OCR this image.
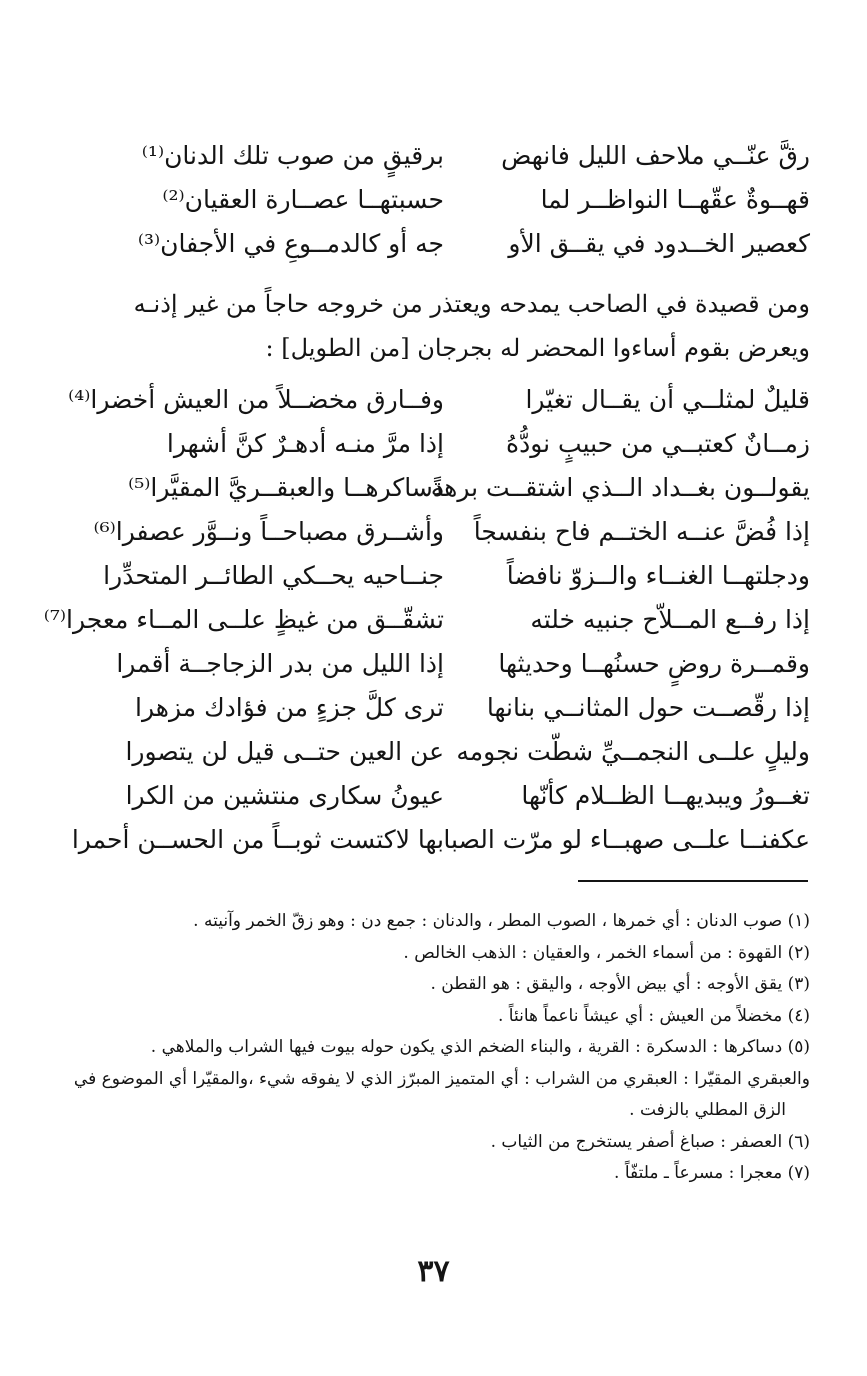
رقَّ عنّــي ملاحف الليل فانهض
برقيقٍ من صوب تلك الدنان⁽¹⁾
قهــوةٌ عقّهــا النواظــر لما
حسبتهــا عصــارة العقيان⁽²⁾
كعصير الخــدود في يقــق الأو
جه أو كالدمــوعِ في الأجفان⁽³⁾
ومن قصيدة في الصاحب يمدحه ويعتذر من خروجه حاجاً من غير إذنـه
ويعرض بقوم أساءوا المحضر له بجرجان [من الطويل] :
قليلٌ لمثلــي أن يقــال تغيّرا
وفــارق مخضــلاً من العيش أخضرا⁽⁴⁾
زمــانٌ كعتبــي من حبيبٍ نودُّهُ
إذا مرَّ منـه أدهـرٌ كنَّ أشهرا
يقولــون بغــداد الــذي اشتقــت برهةً
دساكرهــا والعبقــريَّ المقيَّرا⁽⁵⁾
إذا فُضَّ عنــه الختــم فاح بنفسجاً
وأشــرق مصباحــاً ونــوَّر عصفرا⁽⁶⁾
ودجلتهــا الغنــاء والــزوّ نافضاً
جنــاحيه يحــكي الطائــر المتحدِّرا
إذا رفــع المــلاّح جنبيه خلته
تشقّــق من غيظٍ علــى المــاء معجرا⁽⁷⁾
وقمــرة روضٍ حسنُهــا وحديثها
إذا الليل من بدر الزجاجــة أقمرا
إذا رقّصــت حول المثانــي بنانها
ترى كلَّ جزءٍ من فؤادك مزهرا
وليلٍ علــى النجمــيِّ شطّت نجومه
عن العين حتــى قيل لن يتصورا
تغــورُ ويبديهــا الظــلام كأنّها
عيونُ سكارى منتشين من الكرا
عكفنــا علــى صهبــاء لو مرّت الصبا
بها لاكتست ثوبــاً من الحســن أحمرا
(١) صوب الدنان : أي خمرها ، الصوب المطر ، والدنان : جمع دن : وهو زقّ الخمر وآنيته .
(٢) القهوة : من أسماء الخمر ، والعقيان : الذهب الخالص .
(٣) يقق الأوجه : أي بيض الأوجه ، واليقق : هو القطن .
(٤) مخضلاً من العيش : أي عيشاً ناعماً هانئاً .
(٥) دساكرها : الدسكرة : القرية ، والبناء الضخم الذي يكون حوله بيوت فيها الشراب والملاهي .
والعبقري المقيّرا : العبقري من الشراب : أي المتميز المبرّز الذي لا يفوقه شيء ،والمقيّرا أي الموضوع في
الزق المطلي بالزفت .
(٦) العصفر : صباغ أصفر يستخرج من الثياب .
(٧) معجرا : مسرعاً ـ ملتفّاً .
٣٧
